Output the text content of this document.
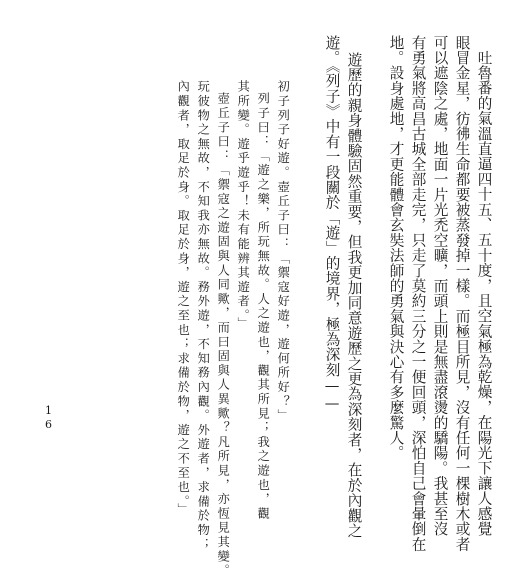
吐魯番的氣溫直逼四十五、五十度，且空氣極為乾燥，在陽光下讓人感覺
眼冒金星，彷彿生命都要被蒸發掉一樣。而極目所見，沒有任何一棵樹木或者
可以遮陰之處，地面一片光禿空曠，而頭上則是無盡滾燙的驕陽。我甚至沒
有勇氣將高昌古城全部走完，只走了莫約三分之一便回頭，深怕自己會暈倒在
地。設身處地，才更能體會玄奘法師的勇氣與決心有多麼驚人。
遊歷的親身體驗固然重要，但我更加同意遊歷之更為深刻者，在於內觀之
遊。《列子》中有一段關於「遊」的境界，極為深刻——
初子列子好遊。壺丘子曰：「禦寇好遊，遊何所好？」
列子曰：「遊之樂，所玩無故。人之遊也，觀其所見；我之遊也，觀
其所變。遊乎遊乎！未有能辨其遊者。」
壺丘子曰：「禦寇之遊固與人同歟，而曰固與人異歟？凡所見，亦恆見其變。
玩彼物之無故，不知我亦無故。務外遊，不知務內觀。外遊者，求備於物；
內觀者，取足於身。取足於身，遊之至也；求備於物，遊之不至也。」
16
